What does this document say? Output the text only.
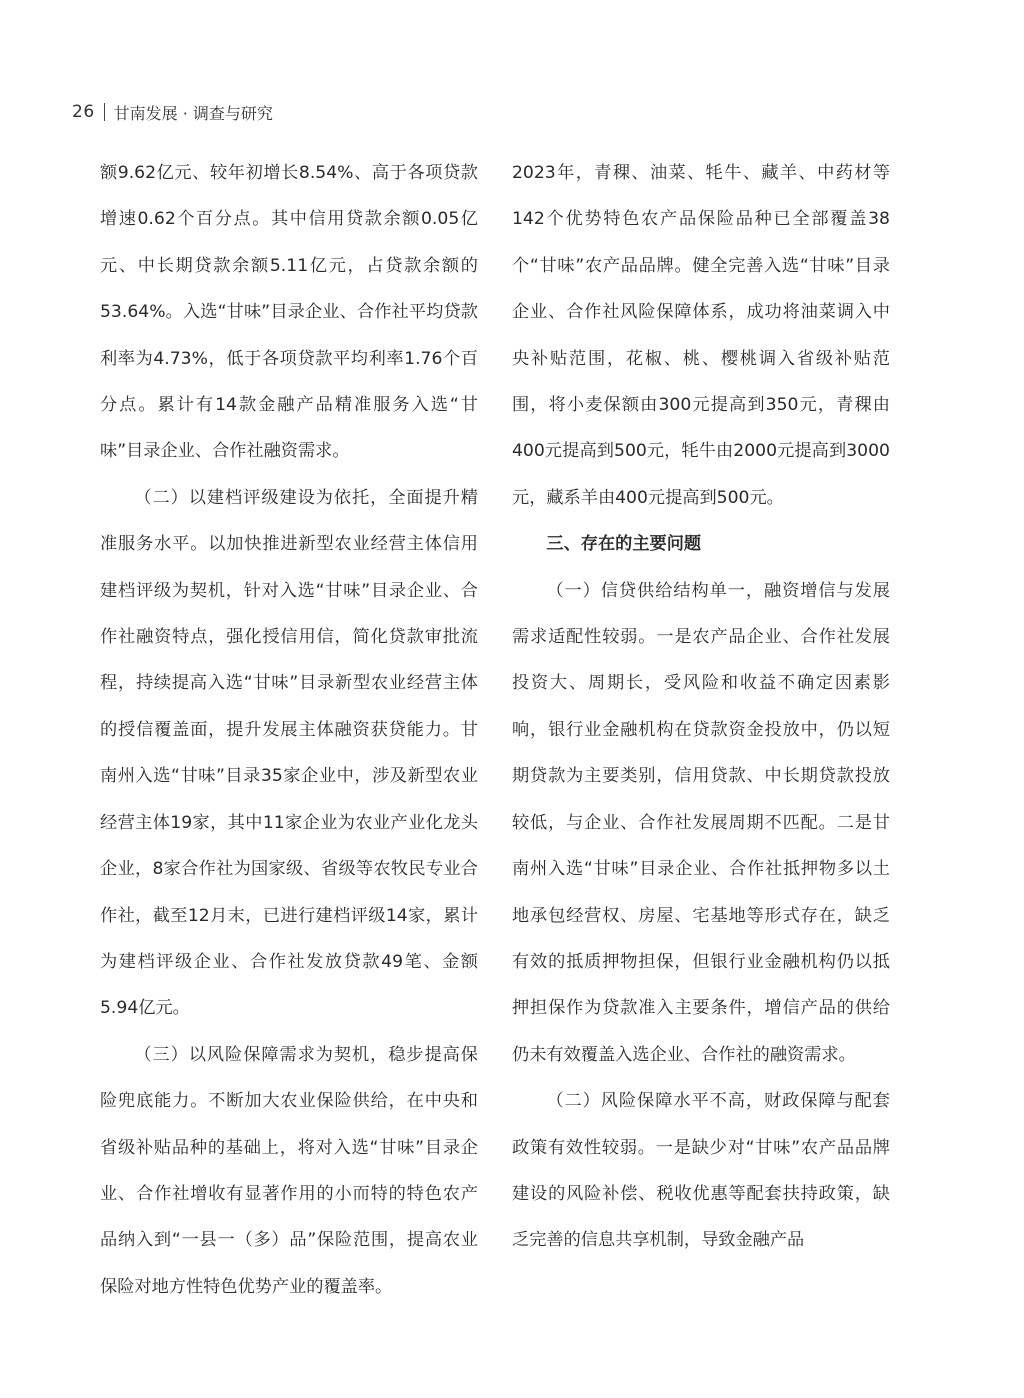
26 甘南发展 · 调查与研究

额9.62亿元、较年初增长8.54%、高于各项贷款增速0.62个百分点。其中信用贷款余额0.05亿元、中长期贷款余额5.11亿元，占贷款余额的53.64%。入选“甘味”目录企业、合作社平均贷款利率为4.73%，低于各项贷款平均利率1.76个百分点。累计有14款金融产品精准服务入选“甘味”目录企业、合作社融资需求。

（二）以建档评级建设为依托，全面提升精准服务水平。以加快推进新型农业经营主体信用建档评级为契机，针对入选“甘味”目录企业、合作社融资特点，强化授信用信，简化贷款审批流程，持续提高入选“甘味”目录新型农业经营主体的授信覆盖面，提升发展主体融资获贷能力。甘南州入选“甘味”目录35家企业中，涉及新型农业经营主体19家，其中11家企业为农业产业化龙头企业，8家合作社为国家级、省级等农牧民专业合作社，截至12月末，已进行建档评级14家，累计为建档评级企业、合作社发放贷款49笔、金额5.94亿元。

（三）以风险保障需求为契机，稳步提高保险兜底能力。不断加大农业保险供给，在中央和省级补贴品种的基础上，将对入选“甘味”目录企业、合作社增收有显著作用的小而特的特色农产品纳入到“一县一（多）品”保险范围，提高农业保险对地方性特色优势产业的覆盖率。

2023年，青稞、油菜、牦牛、藏羊、中药材等142个优势特色农产品保险品种已全部覆盖38个“甘味”农产品品牌。健全完善入选“甘味”目录企业、合作社风险保障体系，成功将油菜调入中央补贴范围，花椒、桃、樱桃调入省级补贴范围，将小麦保额由300元提高到350元，青稞由400元提高到500元，牦牛由2000元提高到3000元，藏系羊由400元提高到500元。

三、存在的主要问题

（一）信贷供给结构单一，融资增信与发展需求适配性较弱。一是农产品企业、合作社发展投资大、周期长，受风险和收益不确定因素影响，银行业金融机构在贷款资金投放中，仍以短期贷款为主要类别，信用贷款、中长期贷款投放较低，与企业、合作社发展周期不匹配。二是甘南州入选“甘味”目录企业、合作社抵押物多以土地承包经营权、房屋、宅基地等形式存在，缺乏有效的抵质押物担保，但银行业金融机构仍以抵押担保作为贷款准入主要条件，增信产品的供给仍未有效覆盖入选企业、合作社的融资需求。

（二）风险保障水平不高，财政保障与配套政策有效性较弱。一是缺少对“甘味”农产品品牌建设的风险补偿、税收优惠等配套扶持政策，缺乏完善的信息共享机制，导致金融产品
